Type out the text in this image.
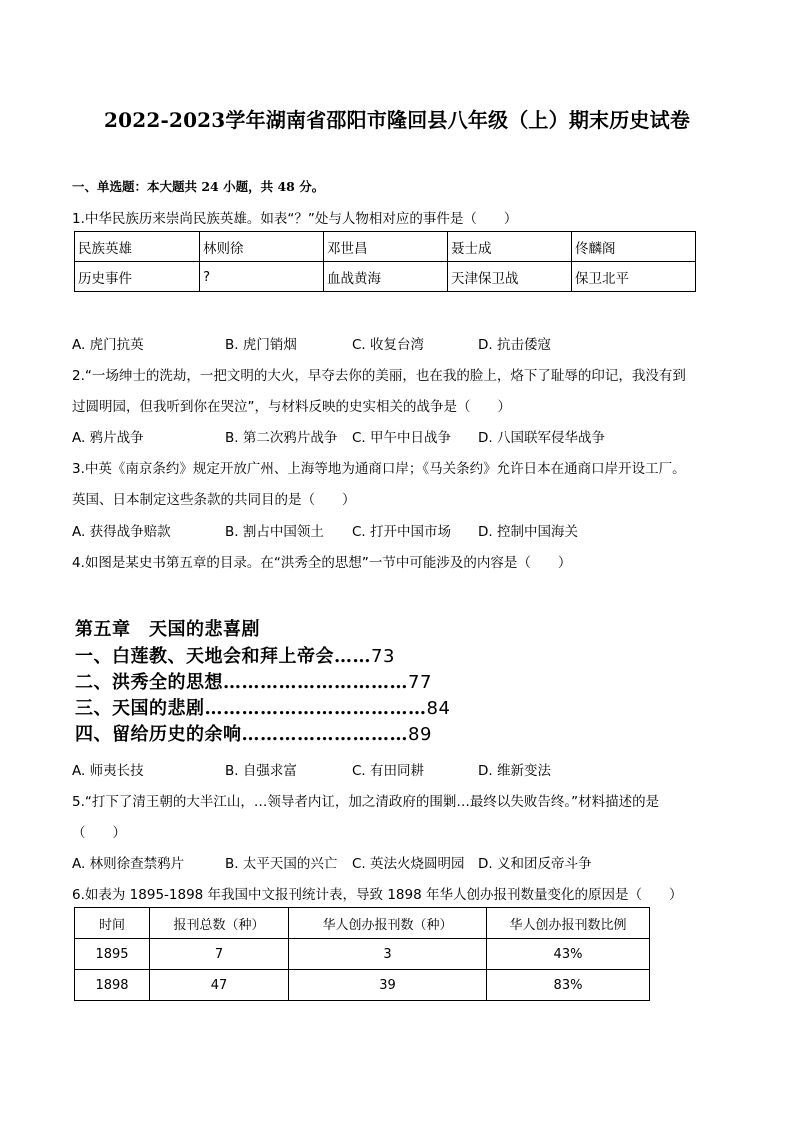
2022-2023学年湖南省邵阳市隆回县八年级（上）期末历史试卷
一、单选题：本大题共 24 小题，共 48 分。
1.中华民族历来崇尚民族英雄。如表“？”处与人物相对应的事件是（　　）
民族英雄	林则徐	邓世昌	聂士成	佟麟阁
历史事件	?	血战黄海	天津保卫战	保卫北平
A. 虎门抗英	B. 虎门销烟	C. 收复台湾	D. 抗击倭寇
2.“一场绅士的洗劫，一把文明的大火，早夺去你的美丽，也在我的脸上，烙下了耻辱的印记，我没有到
过圆明园，但我听到你在哭泣”，与材料反映的史实相关的战争是（　　）
A. 鸦片战争	B. 第二次鸦片战争 C. 甲午中日战争 D. 八国联军侵华战争
3.中英《南京条约》规定开放广州、上海等地为通商口岸；《马关条约》允许日本在通商口岸开设工厂。
英国、日本制定这些条款的共同目的是（　　）
A. 获得战争赔款	B. 割占中国领土 C. 打开中国市场 D. 控制中国海关
4.如图是某史书第五章的目录。在“洪秀全的思想”一节中可能涉及的内容是（　　）
第五章　天国的悲喜剧
一、白莲教、天地会和拜上帝会……73
二、洪秀全的思想…………………………77
三、天国的悲剧………………………………84
四、留给历史的余响………………………89
A. 师夷长技	B. 自强求富	C. 有田同耕	D. 维新变法
5.“打下了清王朝的大半江山，…领导者内讧，加之清政府的围剿…最终以失败告终。”材料描述的是
（　　）
A. 林则徐查禁鸦片	B. 太平天国的兴亡 C. 英法火烧圆明园 D. 义和团反帝斗争
6.如表为 1895-1898 年我国中文报刊统计表，导致 1898 年华人创办报刊数量变化的原因是（　　）
时间	报刊总数（种）	华人创办报刊数（种）	华人创办报刊数比例
1895	7	3	43%
1898	47	39	83%
